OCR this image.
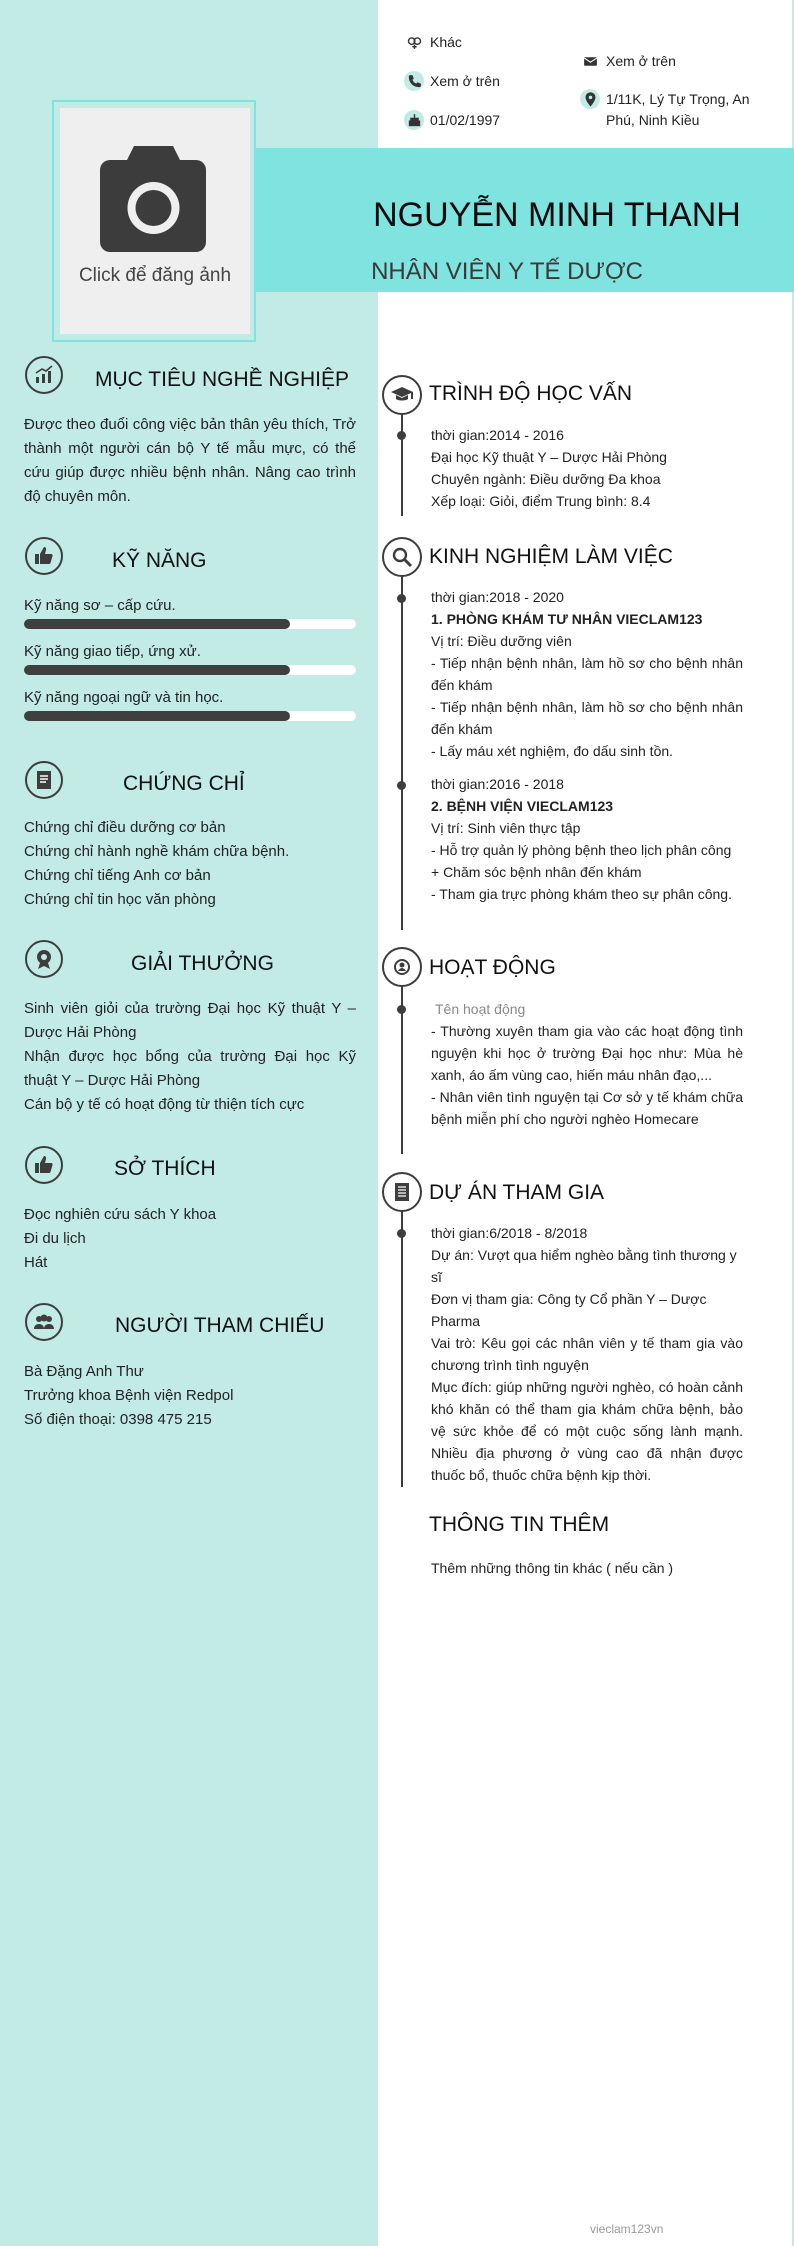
Khác
Xem ở trên
01/02/1997
Xem ở trên
1/11K, Lý Tự Trọng, An Phú, Ninh Kiều
NGUYỄN MINH THANH
NHÂN VIÊN Y TẾ DƯỢC
Click để đăng ảnh
MỤC TIÊU NGHỀ NGHIỆP
Được theo đuổi công việc bản thân yêu thích, Trở thành một người cán bộ Y tế mẫu mực, có thể cứu giúp được nhiều bệnh nhân. Nâng cao trình độ chuyên môn.
KỸ NĂNG
Kỹ năng sơ – cấp cứu.
Kỹ năng giao tiếp, ứng xử.
Kỹ năng ngoại ngữ và tin học.
CHỨNG CHỈ
Chứng chỉ điều dưỡng cơ bản
Chứng chỉ hành nghề khám chữa bệnh.
Chứng chỉ tiếng Anh cơ bản
Chứng chỉ tin học văn phòng
GIẢI THƯỞNG
Sinh viên giỏi của trường Đại học Kỹ thuật Y – Dược Hải Phòng
Nhận được học bổng của trường Đại học Kỹ thuật Y – Dược Hải Phòng
Cán bộ y tế có hoạt động từ thiện tích cực
SỞ THÍCH
Đọc nghiên cứu sách Y khoa
Đi du lịch
Hát
NGƯỜI THAM CHIẾU
Bà Đặng Anh Thư
Trưởng khoa Bệnh viện Redpol
Số điện thoại: 0398 475 215
TRÌNH ĐỘ HỌC VẤN
thời gian:2014 - 2016
Đại học Kỹ thuật Y – Dược Hải Phòng
Chuyên ngành: Điều dưỡng Đa khoa
Xếp loại: Giỏi, điểm Trung bình: 8.4
KINH NGHIỆM LÀM VIỆC
thời gian:2018 - 2020
1. PHÒNG KHÁM TƯ NHÂN VIECLAM123
Vị trí: Điều dưỡng viên
- Tiếp nhận bệnh nhân, làm hồ sơ cho bệnh nhân đến khám
- Tiếp nhận bệnh nhân, làm hồ sơ cho bệnh nhân đến khám
- Lấy máu xét nghiệm, đo dấu sinh tồn.
thời gian:2016 - 2018
2. BỆNH VIỆN VIECLAM123
Vị trí: Sinh viên thực tập
- Hỗ trợ quản lý phòng bệnh theo lịch phân công
+ Chăm sóc bệnh nhân đến khám
- Tham gia trực phòng khám theo sự phân công.
HOẠT ĐỘNG
Tên hoạt động
- Thường xuyên tham gia vào các hoạt động tình nguyện khi học ở trường Đại học như: Mùa hè xanh, áo ấm vùng cao, hiến máu nhân đạo,...
- Nhân viên tình nguyện tại Cơ sở y tế khám chữa bệnh miễn phí cho người nghèo Homecare
DỰ ÁN THAM GIA
thời gian:6/2018 - 8/2018
Dự án: Vượt qua hiểm nghèo bằng tình thương y sĩ
Đơn vị tham gia: Công ty Cổ phần Y – Dược Pharma
Vai trò: Kêu gọi các nhân viên y tế tham gia vào chương trình tình nguyện
Mục đích: giúp những người nghèo, có hoàn cảnh khó khăn có thể tham gia khám chữa bệnh, bảo vệ sức khỏe để có một cuộc sống lành mạnh. Nhiều địa phương ở vùng cao đã nhận được thuốc bổ, thuốc chữa bệnh kịp thời.
THÔNG TIN THÊM
Thêm những thông tin khác ( nếu cần )
vieclam123vn
